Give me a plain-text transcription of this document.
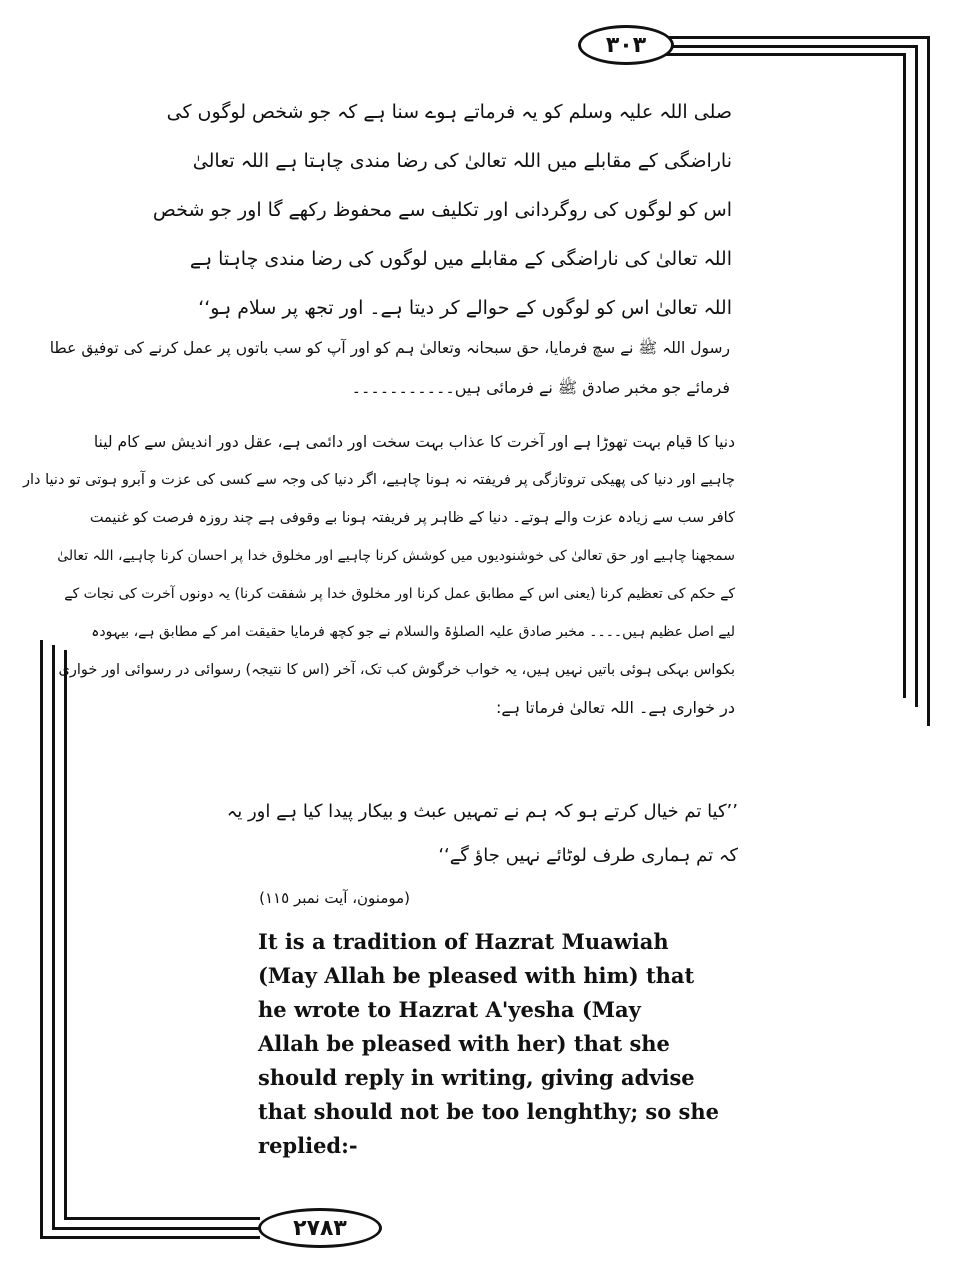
٣٠٣
٢٧٨٣
صلی اللہ علیہ وسلم کو یہ فرماتے ہوے سنا ہے کہ جو شخص لوگوں کی
ناراضگی کے مقابلے میں اللہ تعالیٰ کی رضا مندی چاہتا ہے اللہ تعالیٰ
اس کو لوگوں کی روگردانی اور تکلیف سے محفوظ رکھے گا اور جو شخص
اللہ تعالیٰ کی ناراضگی کے مقابلے میں لوگوں کی رضا مندی چاہتا ہے
اللہ تعالیٰ اس کو لوگوں کے حوالے کر دیتا ہے۔ اور تجھ پر سلام ہو‘‘

رسول اللہ ﷺ نے سچ فرمایا، حق سبحانہ وتعالیٰ ہم کو اور آپ کو سب باتوں پر عمل کرنے کی توفیق عطا

فرمائے جو مخبر صادق ﷺ نے فرمائی ہیں۔۔۔۔۔۔۔۔۔۔۔

دنیا کا قیام بہت تھوڑا ہے اور آخرت کا عذاب بہت سخت اور دائمی ہے، عقل دور اندیش سے کام لینا

چاہیے اور دنیا کی پھیکی تروتازگی پر فریفتہ نہ ہونا چاہیے، اگر دنیا کی وجہ سے کسی کی عزت و آبرو ہوتی تو دنیا دار

کافر سب سے زیادہ عزت والے ہوتے۔ دنیا کے ظاہر پر فریفتہ ہونا بے وقوفی ہے چند روزہ فرصت کو غنیمت

سمجھنا چاہیے اور حق تعالیٰ کی خوشنودیوں میں کوشش کرنا چاہیے اور مخلوق خدا پر احسان کرنا چاہیے، اللہ تعالیٰ

کے حکم کی تعظیم کرنا (یعنی اس کے مطابق عمل کرنا اور مخلوق خدا پر شفقت کرنا) یہ دونوں آخرت کی نجات کے

لیے اصل عظیم ہیں۔۔۔۔ مخبر صادق علیہ الصلوٰۃ والسلام نے جو کچھ فرمایا حقیقت امر کے مطابق ہے، بیہودہ

بکواس بہکی ہوئی باتیں نہیں ہیں، یہ خواب خرگوش کب تک، آخر (اس کا نتیجہ) رسوائی در رسوائی اور خواری

در خواری ہے۔ اللہ تعالیٰ فرماتا ہے:

’’کیا تم خیال کرتے ہو کہ ہم نے تمہیں عبث و بیکار پیدا کیا ہے اور یہ
کہ تم ہماری طرف لوٹائے نہیں جاؤ گے‘‘
(مومنون، آیت نمبر ١١٥)

It is a tradition of Hazrat Muawiah

(May Allah be pleased with him) that

he wrote to Hazrat A'yesha (May

Allah be pleased with her) that she

should reply in writing, giving advise

that should not be too lenghthy; so she

replied:-
